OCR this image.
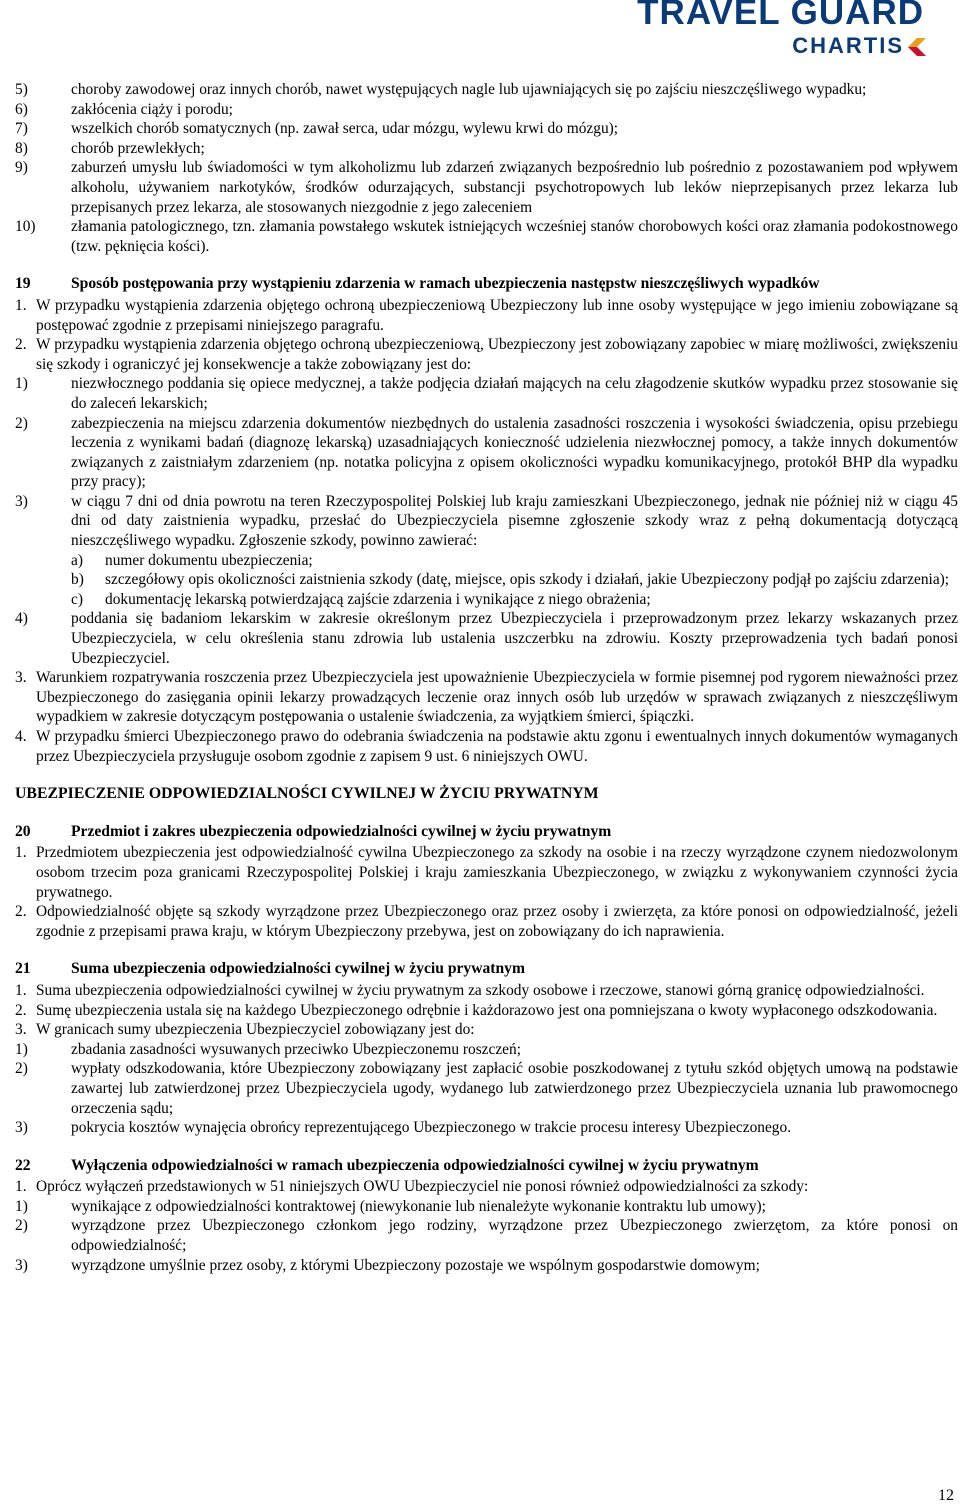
TRAVEL GUARD
CHARTIS
5)	choroby zawodowej oraz innych chorób, nawet występujących nagle lub ujawniających się po zajściu nieszczęśliwego wypadku;
6)	zakłócenia ciąży i porodu;
7)	wszelkich chorób somatycznych (np. zawał serca, udar mózgu, wylewu krwi do mózgu);
8)	chorób przewlekłych;
9)	zaburzeń umysłu lub świadomości w tym alkoholizmu lub zdarzeń związanych bezpośrednio lub pośrednio z pozostawaniem pod wpływem alkoholu, używaniem narkotyków, środków odurzających, substancji psychotropowych lub leków nieprzepisanych przez lekarza lub przepisanych przez lekarza, ale stosowanych niezgodnie z jego zaleceniem
10)	złamania patologicznego, tzn. złamania powstałego wskutek istniejących wcześniej stanów chorobowych kości oraz złamania podokostnowego (tzw. pęknięcia kości).
19	Sposób postępowania przy wystąpieniu zdarzenia w ramach ubezpieczenia następstw nieszczęśliwych wypadków
1. W przypadku wystąpienia zdarzenia objętego ochroną ubezpieczeniową Ubezpieczony lub inne osoby występujące w jego imieniu zobowiązane są postępować zgodnie z przepisami niniejszego paragrafu.
2. W przypadku wystąpienia zdarzenia objętego ochroną ubezpieczeniową, Ubezpieczony jest zobowiązany zapobiec w miarę możliwości, zwiększeniu się szkody i ograniczyć jej konsekwencje a także zobowiązany jest do:
1)	niezwłocznego poddania się opiece medycznej, a także podjęcia działań mających na celu złagodzenie skutków wypadku przez stosowanie się do zaleceń lekarskich;
2)	zabezpieczenia na miejscu zdarzenia dokumentów niezbędnych do ustalenia zasadności roszczenia i wysokości świadczenia, opisu przebiegu leczenia z wynikami badań (diagnozę lekarską) uzasadniających konieczność udzielenia niezwłocznej pomocy, a także innych dokumentów związanych z zaistniałym zdarzeniem (np. notatka policyjna z opisem okoliczności wypadku komunikacyjnego, protokół BHP dla wypadku przy pracy);
3)	w ciągu 7 dni od dnia powrotu na teren Rzeczypospolitej Polskiej lub kraju zamieszkani Ubezpieczonego, jednak nie później niż w ciągu 45 dni od daty zaistnienia wypadku, przesłać do Ubezpieczyciela pisemne zgłoszenie szkody wraz z pełną dokumentacją dotyczącą nieszczęśliwego wypadku. Zgłoszenie szkody, powinno zawierać:
a)	numer dokumentu ubezpieczenia;
b)	szczegółowy opis okoliczności zaistnienia szkody (datę, miejsce, opis szkody i działań, jakie Ubezpieczony podjął po zajściu zdarzenia);
c)	dokumentację lekarską potwierdzającą zajście zdarzenia i wynikające z niego obrażenia;
4)	poddania się badaniom lekarskim w zakresie określonym przez Ubezpieczyciela i przeprowadzonym przez lekarzy wskazanych przez Ubezpieczyciela, w celu określenia stanu zdrowia lub ustalenia uszczerbku na zdrowiu. Koszty przeprowadzenia tych badań ponosi Ubezpieczyciel.
3. Warunkiem rozpatrywania roszczenia przez Ubezpieczyciela jest upoważnienie Ubezpieczyciela w formie pisemnej pod rygorem nieważności przez Ubezpieczonego do zasięgania opinii lekarzy prowadzących leczenie oraz innych osób lub urzędów w sprawach związanych z nieszczęśliwym wypadkiem w zakresie dotyczącym postępowania o ustalenie świadczenia, za wyjątkiem śmierci, śpiączki.
4. W przypadku śmierci Ubezpieczonego prawo do odebrania świadczenia na podstawie aktu zgonu i ewentualnych innych dokumentów wymaganych przez Ubezpieczyciela przysługuje osobom zgodnie z zapisem 9 ust. 6 niniejszych OWU.
UBEZPIECZENIE ODPOWIEDZIALNOŚCI CYWILNEJ W ŻYCIU PRYWATNYM
20	Przedmiot i zakres ubezpieczenia odpowiedzialności cywilnej w życiu prywatnym
1. Przedmiotem ubezpieczenia jest odpowiedzialność cywilna Ubezpieczonego za szkody na osobie i na rzeczy wyrządzone czynem niedozwolonym osobom trzecim poza granicami Rzeczypospolitej Polskiej i kraju zamieszkania Ubezpieczonego, w związku z wykonywaniem czynności życia prywatnego.
2. Odpowiedzialność objęte są szkody wyrządzone przez Ubezpieczonego oraz przez osoby i zwierzęta, za które ponosi on odpowiedzialność, jeżeli zgodnie z przepisami prawa kraju, w którym Ubezpieczony przebywa, jest on zobowiązany do ich naprawienia.
21	Suma ubezpieczenia odpowiedzialności cywilnej w życiu prywatnym
1. Suma ubezpieczenia odpowiedzialności cywilnej w życiu prywatnym za szkody osobowe i rzeczowe, stanowi górną granicę odpowiedzialności.
2. Sumę ubezpieczenia ustala się na każdego Ubezpieczonego odrębnie i każdorazowo jest ona pomniejszana o kwoty wypłaconego odszkodowania.
3. W granicach sumy ubezpieczenia Ubezpieczyciel zobowiązany jest do:
1)	zbadania zasadności wysuwanych przeciwko Ubezpieczonemu roszczeń;
2)	wypłaty odszkodowania, które Ubezpieczony zobowiązany jest zapłacić osobie poszkodowanej z tytułu szkód objętych umową na podstawie zawartej lub zatwierdzonej przez Ubezpieczyciela ugody, wydanego lub zatwierdzonego przez Ubezpieczyciela uznania lub prawomocnego orzeczenia sądu;
3)	pokrycia kosztów wynajęcia obrońcy reprezentującego Ubezpieczonego w trakcie procesu interesy Ubezpieczonego.
22	Wyłączenia odpowiedzialności w ramach ubezpieczenia odpowiedzialności cywilnej w życiu prywatnym
1. Oprócz wyłączeń przedstawionych w 51 niniejszych OWU Ubezpieczyciel nie ponosi również odpowiedzialności za szkody:
1)	wynikające z odpowiedzialności kontraktowej (niewykonanie lub nienależyte wykonanie kontraktu lub umowy);
2)	wyrządzone przez Ubezpieczonego członkom jego rodziny, wyrządzone przez Ubezpieczonego zwierzętom, za które ponosi on odpowiedzialność;
3)	wyrządzone umyślnie przez osoby, z którymi Ubezpieczony pozostaje we wspólnym gospodarstwie domowym;
12
